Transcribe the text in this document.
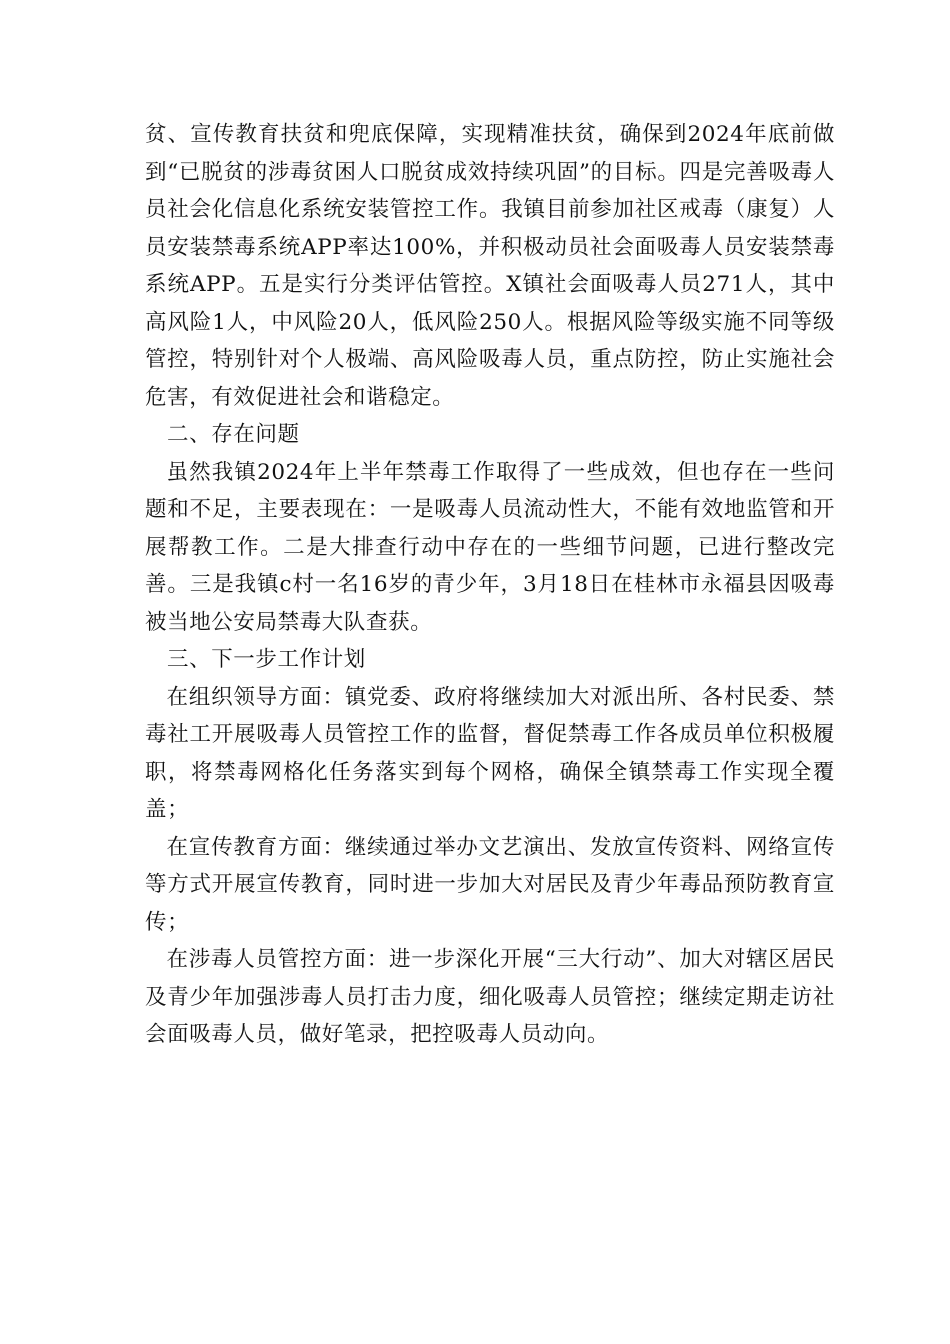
贫、宣传教育扶贫和兜底保障，实现精准扶贫，确保到2024年底前做到“已脱贫的涉毒贫困人口脱贫成效持续巩固”的目标。四是完善吸毒人员社会化信息化系统安装管控工作。我镇目前参加社区戒毒（康复）人员安装禁毒系统APP率达100%，并积极动员社会面吸毒人员安装禁毒系统APP。五是实行分类评估管控。X镇社会面吸毒人员271人，其中高风险1人，中风险20人，低风险250人。根据风险等级实施不同等级管控，特别针对个人极端、高风险吸毒人员，重点防控，防止实施社会危害，有效促进社会和谐稳定。

二、存在问题

虽然我镇2024年上半年禁毒工作取得了一些成效，但也存在一些问题和不足，主要表现在：一是吸毒人员流动性大，不能有效地监管和开展帮教工作。二是大排查行动中存在的一些细节问题，已进行整改完善。三是我镇c村一名16岁的青少年，3月18日在桂林市永福县因吸毒被当地公安局禁毒大队查获。

三、下一步工作计划

在组织领导方面：镇党委、政府将继续加大对派出所、各村民委、禁毒社工开展吸毒人员管控工作的监督，督促禁毒工作各成员单位积极履职，将禁毒网格化任务落实到每个网格，确保全镇禁毒工作实现全覆盖；

在宣传教育方面：继续通过举办文艺演出、发放宣传资料、网络宣传等方式开展宣传教育，同时进一步加大对居民及青少年毒品预防教育宣传；

在涉毒人员管控方面：进一步深化开展“三大行动”、加大对辖区居民及青少年加强涉毒人员打击力度，细化吸毒人员管控；继续定期走访社会面吸毒人员，做好笔录，把控吸毒人员动向。
